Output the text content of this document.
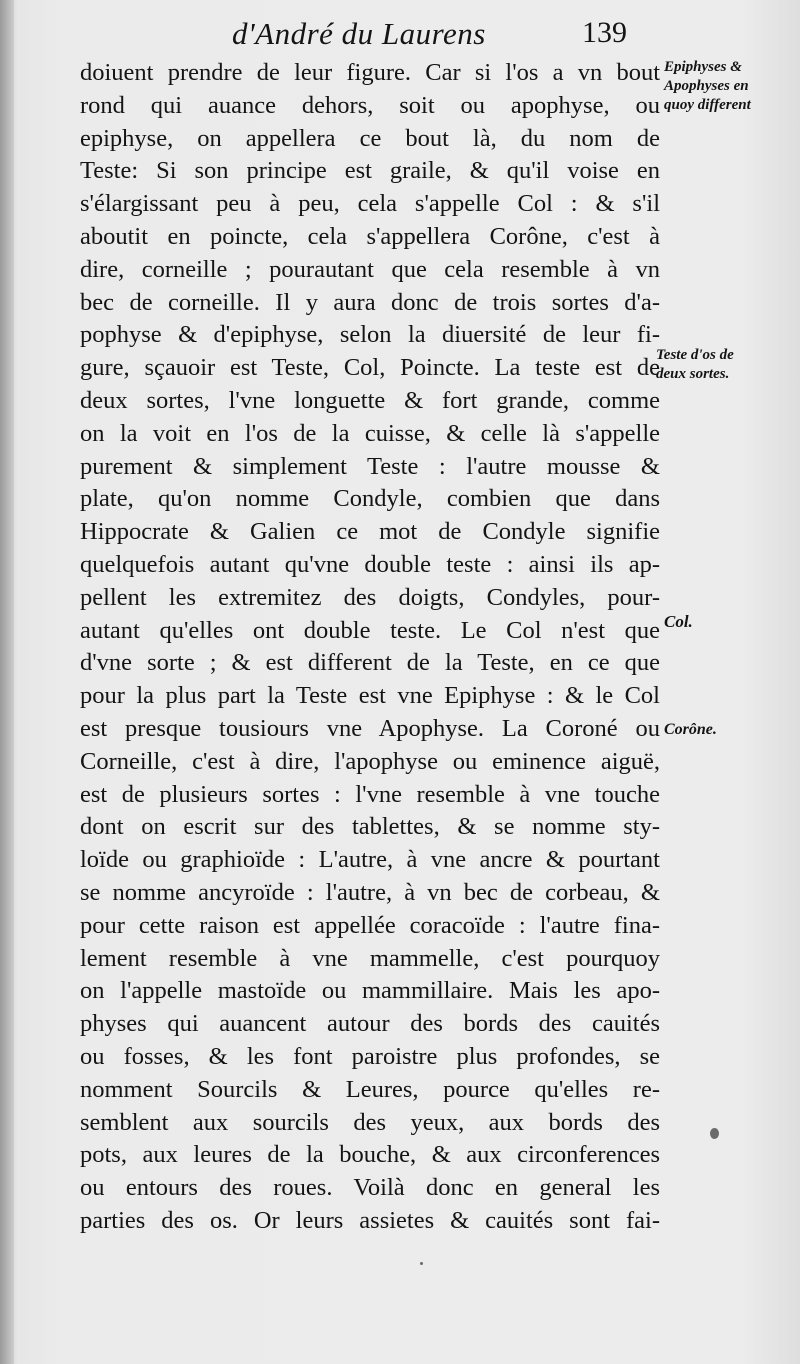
d'André du Laurens	139
doiuent prendre de leur figure. Car si l'os a vn bout
rond qui auance dehors, soit ou apophyse, ou
epiphyse, on appellera ce bout là, du nom de
Teste: Si son principe est graile, & qu'il voise en
s'élargissant peu à peu, cela s'appelle Col : & s'il
aboutit en poincte, cela s'appellera Corône, c'est à
dire, corneille ; pourautant que cela resemble à vn
bec de corneille. Il y aura donc de trois sortes d'a-
pophyse & d'epiphyse, selon la diuersité de leur fi-
gure, sçauoir est Teste, Col, Poincte. La teste est de
deux sortes, l'vne longuette & fort grande, comme
on la voit en l'os de la cuisse, & celle là s'appelle
purement & simplement Teste : l'autre mousse &
plate, qu'on nomme Condyle, combien que dans
Hippocrate & Galien ce mot de Condyle signifie
quelquefois autant qu'vne double teste : ainsi ils ap-
pellent les extremitez des doigts, Condyles, pour-
autant qu'elles ont double teste. Le Col n'est que
d'vne sorte ; & est different de la Teste, en ce que
pour la plus part la Teste est vne Epiphyse : & le Col
est presque tousiours vne Apophyse. La Coroné ou
Corneille, c'est à dire, l'apophyse ou eminence aiguë,
est de plusieurs sortes : l'vne resemble à vne touche
dont on escrit sur des tablettes, & se nomme sty-
loïde ou graphioïde : L'autre, à vne ancre & pourtant
se nomme ancyroïde : l'autre, à vn bec de corbeau, &
pour cette raison est appellée coracoïde : l'autre fina-
lement resemble à vne mammelle, c'est pourquoy
on l'appelle mastoïde ou mammillaire. Mais les apo-
physes qui auancent autour des bords des cauités
ou fosses, & les font paroistre plus profondes, se
nomment Sourcils & Leures, pource qu'elles re-
semblent aux sourcils des yeux, aux bords des
pots, aux leures de la bouche, & aux circonferences
ou entours des roues. Voilà donc en general les
parties des os. Or leurs assietes & cauités sont fai-
Epiphyses &
Apophyses en
quoy different
Teste d'os de
deux sortes.
Col.
Corône.
